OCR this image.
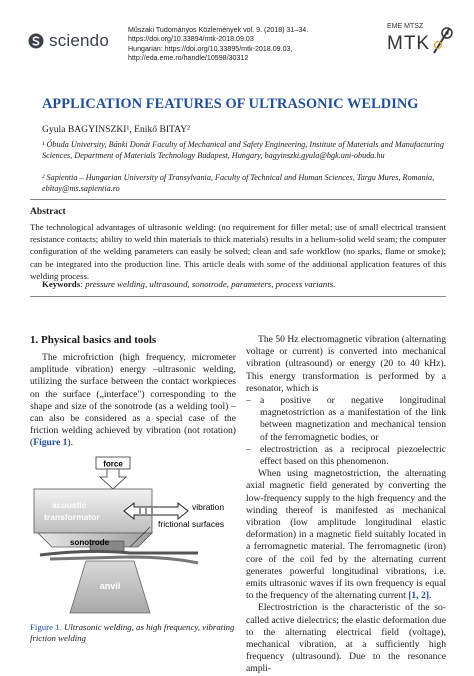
sciendo
Műszaki Tudományos Közlemények vol. 9. (2018) 31–34.
https://doi.org/10.33894/mtk-2018.09.03
Hungarian: https://doi.org/10.33895/mtk-2018.09.03,
http://eda.eme.ro/handle/10598/30312
EME MTSZ
MTK
APPLICATION FEATURES OF ULTRASONIC WELDING
Gyula BAGYINSZKI¹, Enikő BITAY²
¹ Óbuda University, Bánki Donát Faculty of Mechanical and Safety Engineering, Institute of Materials and Manufacturing Sciences, Department of Materials Technology Budapest, Hungary, bagyinszki.gyula@bgk.uni-obuda.hu
² Sapientia – Hungarian University of Transylvania, Faculty of Technical and Human Sciences, Targu Mures, Romania, ebitay@ms.sapientia.ro
Abstract
The technological advantages of ultrasonic welding: (no requirement for filler metal; use of small electrical transient resistance contacts; ability to weld thin materials to thick materials) results in a helium-solid weld seam; the computer configuration of the welding parameters can easily be solved; clean and safe workflow (no sparks, flame or smoke); can be integrated into the production line. This article deals with some of the additional application features of this welding process.
Keywords: pressure welding, ultrasound, sonotrode, parameters, process variants.
1. Physical basics and tools
The microfriction (high frequency, micrometer amplitude vibration) energy –ultrasonic welding, utilizing the surface between the contact workpieces on the surface („interface") corresponding to the shape and size of the sonotrode (as a welding tool) – can also be considered as a special case of the friction welding achieved by vibration (not rotation) (Figure 1).
force
acoustic
transformator
vibration
frictional surfaces
sonotrode
anvil
Figure 1. Ultrasonic welding, as high frequency, vibrating friction welding

The 50 Hz electromagnetic vibration (alternating voltage or current) is converted into mechanical vibration (ultrasound) or energy (20 to 40 kHz). This energy transformation is performed by a resonator, which is

– a positive or negative longitudinal magnetostriction as a manifestation of the link between magnetization and mechanical tension of the ferromagnetic bodies, or
– electrostriction as a reciprocal piezoelectric effect based on this phenomenon.

When using magnetostriction, the alternating axial magnetic field generated by converting the low-frequency supply to the high frequency and the winding thereof is manifested as mechanical vibration (low amplitude longitudinal elastic deformation) in a magnetic field suitably located in a ferromagnetic material. The ferromagnetic (iron) core of the coil fed by the alternating current generates powerful longitudinal vibrations, i.e. emits ultrasonic waves if its own frequency is equal to the frequency of the alternating current [1, 2].

Electrostriction is the characteristic of the so-called active dielectrics; the elastic deformation due to the alternating electrical field (voltage), mechanical vibration, at a sufficiently high frequency (ultrasound). Due to the resonance ampli-
